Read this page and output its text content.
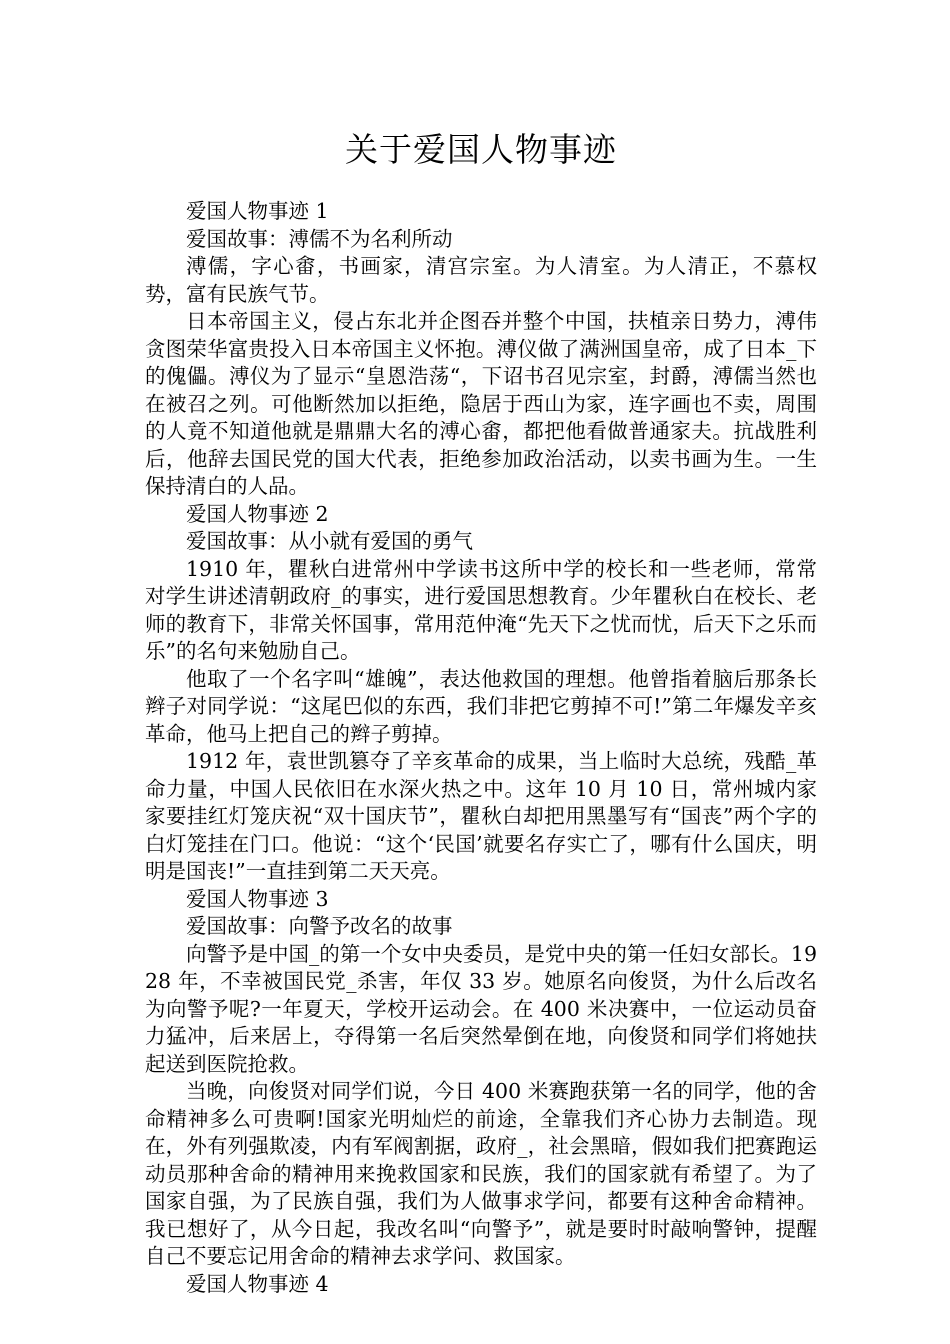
关于爱国人物事迹

爱国人物事迹 1

爱国故事：溥儒不为名利所动

溥儒，字心畬，书画家，清宫宗室。为人清室。为人清正，不慕权势，富有民族气节。

日本帝国主义，侵占东北并企图吞并整个中国，扶植亲日势力，溥伟贪图荣华富贵投入日本帝国主义怀抱。溥仪做了满洲国皇帝，成了日本_下的傀儡。溥仪为了显示“皇恩浩荡“，下诏书召见宗室，封爵，溥儒当然也在被召之列。可他断然加以拒绝，隐居于西山为家，连字画也不卖，周围的人竟不知道他就是鼎鼎大名的溥心畬，都把他看做普通家夫。抗战胜利后，他辞去国民党的国大代表，拒绝参加政治活动，以卖书画为生。一生保持清白的人品。

爱国人物事迹 2

爱国故事：从小就有爱国的勇气

1910 年，瞿秋白进常州中学读书这所中学的校长和一些老师，常常对学生讲述清朝政府_的事实，进行爱国思想教育。少年瞿秋白在校长、老师的教育下，非常关怀国事，常用范仲淹“先天下之忧而忧，后天下之乐而乐”的名句来勉励自己。

他取了一个名字叫“雄魄”，表达他救国的理想。他曾指着脑后那条长辫子对同学说：“这尾巴似的东西，我们非把它剪掉不可!”第二年爆发辛亥革命，他马上把自己的辫子剪掉。

1912 年，袁世凯篡夺了辛亥革命的成果，当上临时大总统，残酷_革命力量，中国人民依旧在水深火热之中。这年 10 月 10 日，常州城内家家要挂红灯笼庆祝“双十国庆节”，瞿秋白却把用黑墨写有“国丧”两个字的白灯笼挂在门口。他说：“这个‘民国’就要名存实亡了，哪有什么国庆，明明是国丧!”一直挂到第二天天亮。

爱国人物事迹 3

爱国故事：向警予改名的故事

向警予是中国_的第一个女中央委员，是党中央的第一任妇女部长。1928 年，不幸被国民党_杀害，年仅 33 岁。她原名向俊贤，为什么后改名为向警予呢?一年夏天，学校开运动会。在 400 米决赛中，一位运动员奋力猛冲，后来居上，夺得第一名后突然晕倒在地，向俊贤和同学们将她扶起送到医院抢救。

当晚，向俊贤对同学们说，今日 400 米赛跑获第一名的同学，他的舍命精神多么可贵啊!国家光明灿烂的前途，全靠我们齐心协力去制造。现在，外有列强欺凌，内有军阀割据，政府_，社会黑暗，假如我们把赛跑运动员那种舍命的精神用来挽救国家和民族，我们的国家就有希望了。为了国家自强，为了民族自强，我们为人做事求学问，都要有这种舍命精神。我已想好了，从今日起，我改名叫“向警予”，就是要时时敲响警钟，提醒自己不要忘记用舍命的精神去求学问、救国家。

爱国人物事迹 4
